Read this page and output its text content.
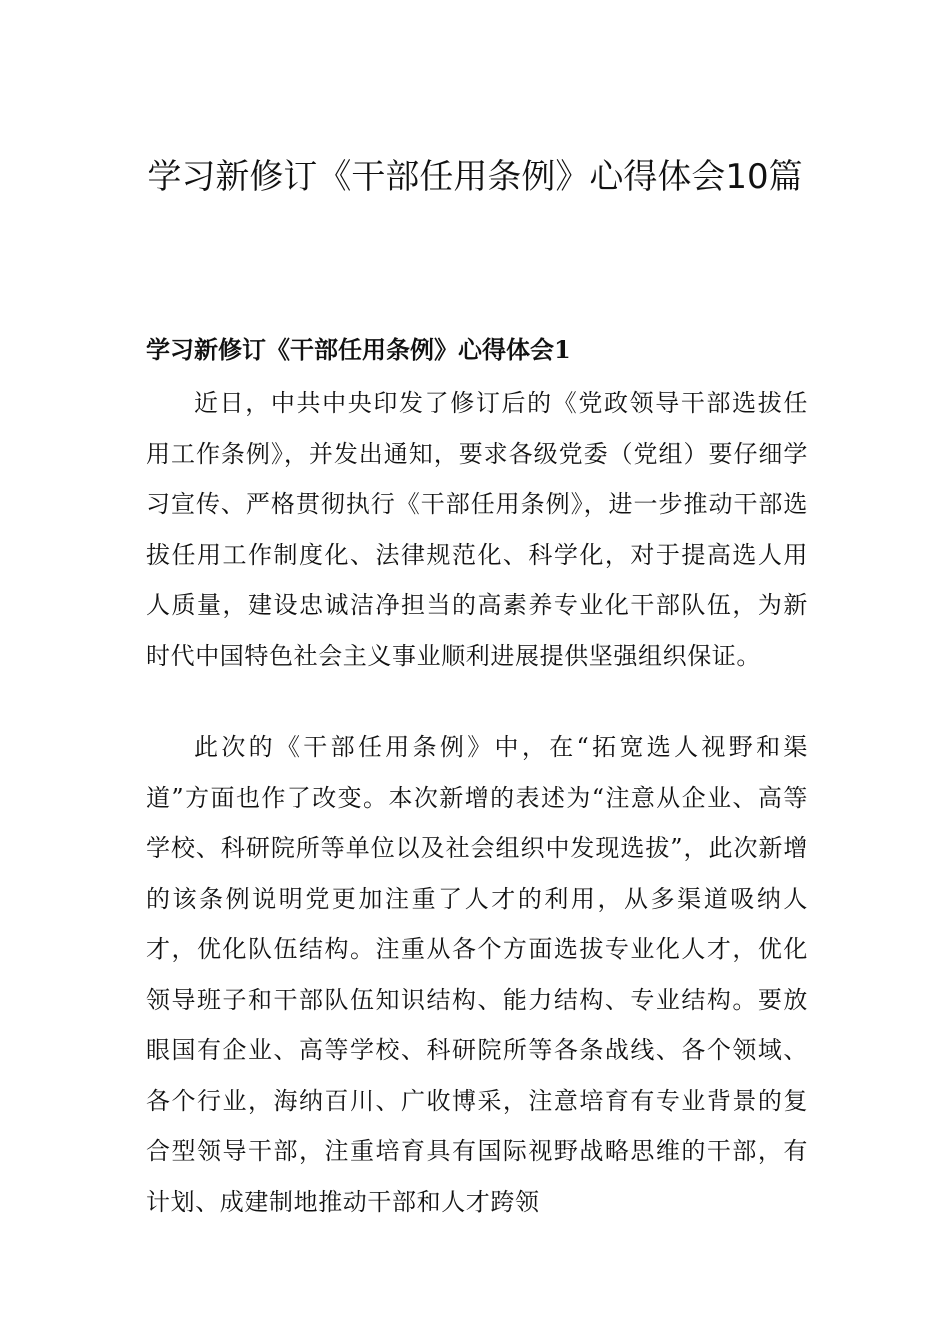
学习新修订《干部任用条例》心得体会10篇
学习新修订《干部任用条例》心得体会1

近日，中共中央印发了修订后的《党政领导干部选拔任用工作条例》，并发出通知，要求各级党委（党组）要仔细学习宣传、严格贯彻执行《干部任用条例》，进一步推动干部选拔任用工作制度化、法律规范化、科学化，对于提高选人用人质量，建设忠诚洁净担当的高素养专业化干部队伍，为新时代中国特色社会主义事业顺利进展提供坚强组织保证。

此次的《干部任用条例》中，在“拓宽选人视野和渠道”方面也作了改变。本次新增的表述为“注意从企业、高等学校、科研院所等单位以及社会组织中发现选拔”，此次新增的该条例说明党更加注重了人才的利用，从多渠道吸纳人才，优化队伍结构。注重从各个方面选拔专业化人才，优化领导班子和干部队伍知识结构、能力结构、专业结构。要放眼国有企业、高等学校、科研院所等各条战线、各个领域、各个行业，海纳百川、广收博采，注意培育有专业背景的复合型领导干部，注重培育具有国际视野战略思维的干部，有计划、成建制地推动干部和人才跨领
